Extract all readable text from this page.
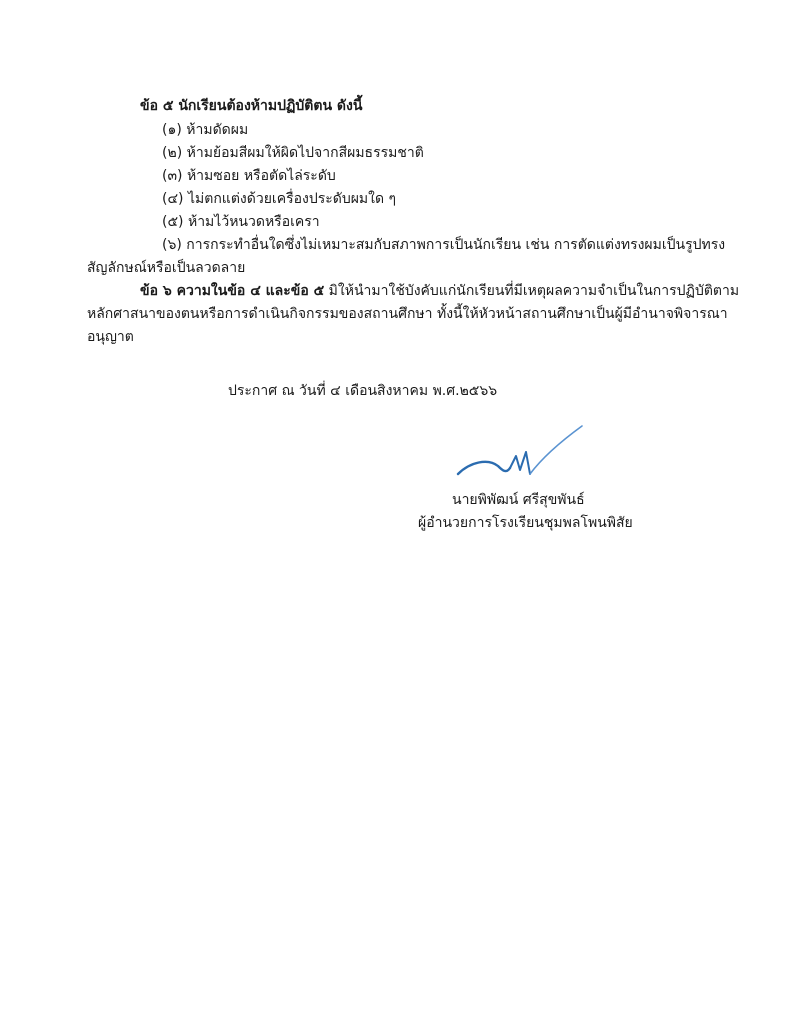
ข้อ ๕ นักเรียนต้องห้ามปฏิบัติตน ดังนี้
(๑) ห้ามดัดผม
(๒) ห้ามย้อมสีผมให้ผิดไปจากสีผมธรรมชาติ
(๓) ห้ามซอย หรือตัดไล่ระดับ
(๔) ไม่ตกแต่งด้วยเครื่องประดับผมใด ๆ
(๕) ห้ามไว้หนวดหรือเครา
(๖) การกระทำอื่นใดซึ่งไม่เหมาะสมกับสภาพการเป็นนักเรียน เช่น การตัดแต่งทรงผมเป็นรูปทรง
สัญลักษณ์หรือเป็นลวดลาย
ข้อ ๖ ความในข้อ ๔ และข้อ ๕ มิให้นำมาใช้บังคับแก่นักเรียนที่มีเหตุผลความจำเป็นในการปฏิบัติตาม
หลักศาสนาของตนหรือการดำเนินกิจกรรมของสถานศึกษา ทั้งนี้ให้หัวหน้าสถานศึกษาเป็นผู้มีอำนาจพิจารณา
อนุญาต
ประกาศ ณ วันที่ ๔ เดือนสิงหาคม พ.ศ.๒๕๖๖
นายพิพัฒน์ ศรีสุขพันธ์
ผู้อำนวยการโรงเรียนชุมพลโพนพิสัย
